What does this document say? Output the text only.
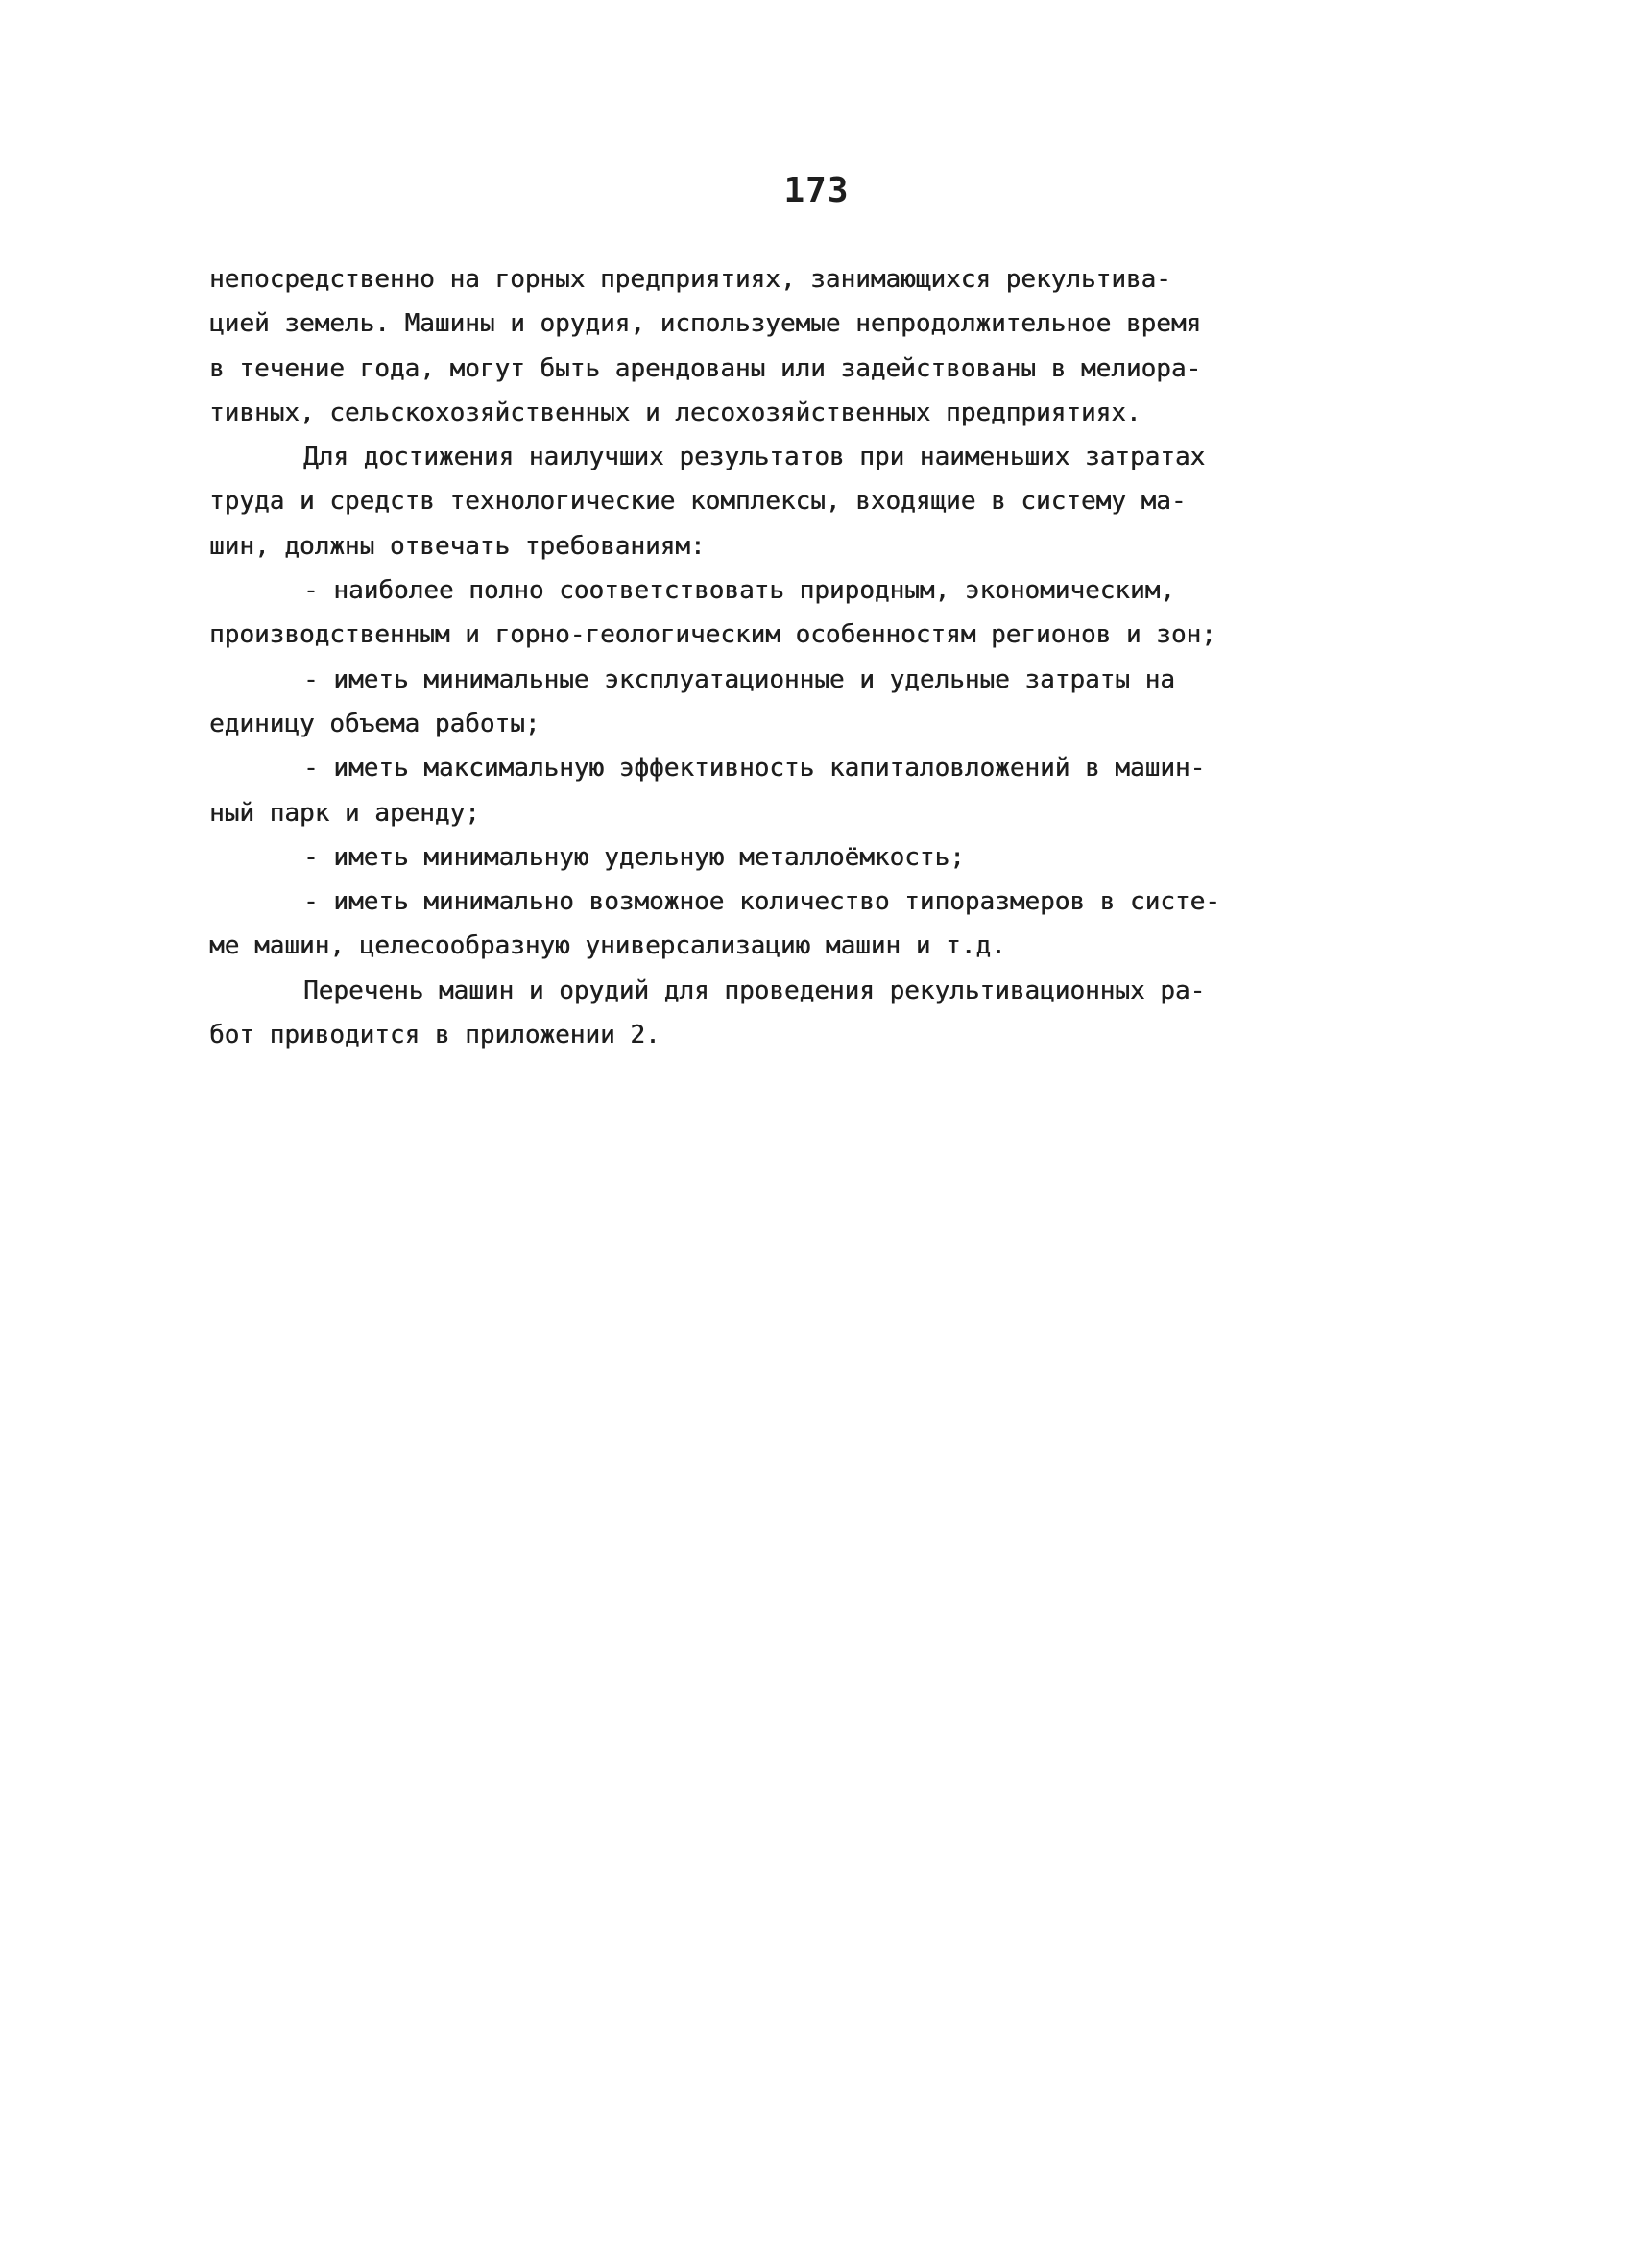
173
непосредственно на горных предприятиях, занимающихся рекультива-
цией земель. Машины и орудия, используемые непродолжительное время
в течение года, могут быть арендованы или задействованы в мелиора-
тивных, сельскохозяйственных и лесохозяйственных предприятиях.
Для достижения наилучших результатов при наименьших затратах
труда и средств технологические комплексы, входящие в систему ма-
шин, должны отвечать требованиям:
- наиболее полно соответствовать природным, экономическим,
производственным и горно-геологическим особенностям регионов и зон;
- иметь минимальные эксплуатационные и удельные затраты на
единицу объема работы;
- иметь максимальную эффективность капиталовложений в машин-
ный парк и аренду;
- иметь минимальную удельную металлоёмкость;
- иметь минимально возможное количество типоразмеров в систе-
ме машин, целесообразную универсализацию машин и т.д.
Перечень машин и орудий для проведения рекультивационных ра-
бот приводится в приложении 2.
